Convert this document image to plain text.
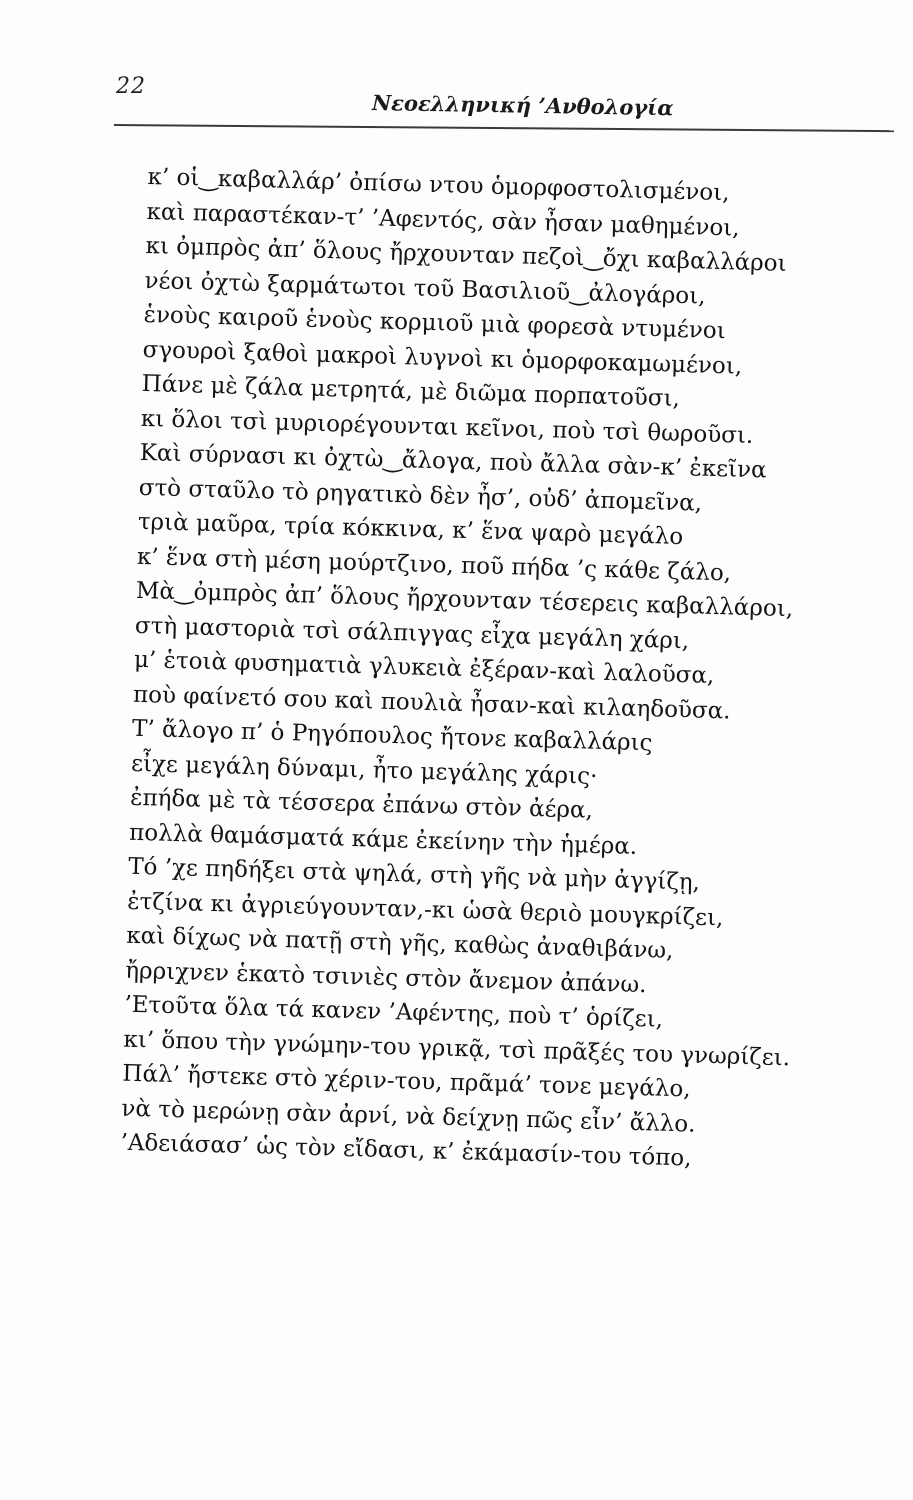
22
Νεοελληνική ’Ανθολογία
κ’ οἱ‿καβαλλάρ’ ὀπίσω ντου ὁμορφοστολισμένοι,
καὶ παραστέκαν-τ’ ’Αφεντός, σὰν ἦσαν μαθημένοι,
κι ὀμπρὸς ἀπ’ ὅλους ἤρχουνταν πεζοὶ‿ὄχι καβαλλάροι
νέοι ὀχτὼ ξαρμάτωτοι τοῦ Βασιλιοῦ‿ἀλογάροι,
ἑνοὺς καιροῦ ἑνοὺς κορμιοῦ μιὰ φορεσὰ ντυμένοι
σγουροὶ ξαθοὶ μακροὶ λυγνοὶ κι ὁμορφοκαμωμένοι,
Πάνε μὲ ζάλα μετρητά, μὲ διῶμα πορπατοῦσι,
κι ὅλοι τσὶ μυριορέγουνται κεῖνοι, ποὺ τσὶ θωροῦσι.
Καὶ σύρνασι κι ὀχτὼ‿ἄλογα, ποὺ ἄλλα σὰν-κ’ ἐκεῖνα
στὸ σταῦλο τὸ ρηγατικὸ δὲν ἦσ’, οὐδ’ ἀπομεῖνα,
τριὰ μαῦρα, τρία κόκκινα, κ’ ἕνα ψαρὸ μεγάλο
κ’ ἕνα στὴ μέση μούρτζινο, ποῦ πήδα ’ς κάθε ζάλο,
Μὰ‿ὀμπρὸς ἀπ’ ὅλους ἤρχουνταν τέσερεις καβαλλάροι,
στὴ μαστοριὰ τσὶ σάλπιγγας εἶχα μεγάλη χάρι,
μ’ ἑτοιὰ φυσηματιὰ γλυκειὰ ἐξέραν-καὶ λαλοῦσα,
ποὺ φαίνετό σου καὶ πουλιὰ ἦσαν-καὶ κιλαηδοῦσα.
Τ’ ἄλογο π’ ὁ Ρηγόπουλος ἤτονε καβαλλάρις
εἶχε μεγάλη δύναμι, ἦτο μεγάλης χάρις·
ἐπήδα μὲ τὰ τέσσερα ἐπάνω στὸν ἀέρα,
πολλὰ θαμάσματά κάμε ἐκείνην τὴν ἡμέρα.
Τό ’χε πηδήξει στὰ ψηλά, στὴ γῆς νὰ μὴν ἀγγίζῃ,
ἐτζίνα κι ἀγριεύγουνταν,-κι ὡσὰ θεριὸ μουγκρίζει,
καὶ δίχως νὰ πατῇ στὴ γῆς, καθὼς ἀναθιβάνω,
ἤρριχνεν ἑκατὸ τσινιὲς στὸν ἄνεμον ἀπάνω.
’Ετοῦτα ὅλα τά κανεν ’Αφέντης, ποὺ τ’ ὁρίζει,
κι’ ὅπου τὴν γνώμην-του γρικᾷ, τσὶ πρᾶξές του γνωρίζει.
Πάλ’ ἤστεκε στὸ χέριν-του, πρᾶμά’ τονε μεγάλο,
νὰ τὸ μερώνῃ σὰν ἀρνί, νὰ δείχνῃ πῶς εἶν’ ἄλλο.
’Αδειάσασ’ ὡς τὸν εἴδασι, κ’ ἐκάμασίν-του τόπο,
